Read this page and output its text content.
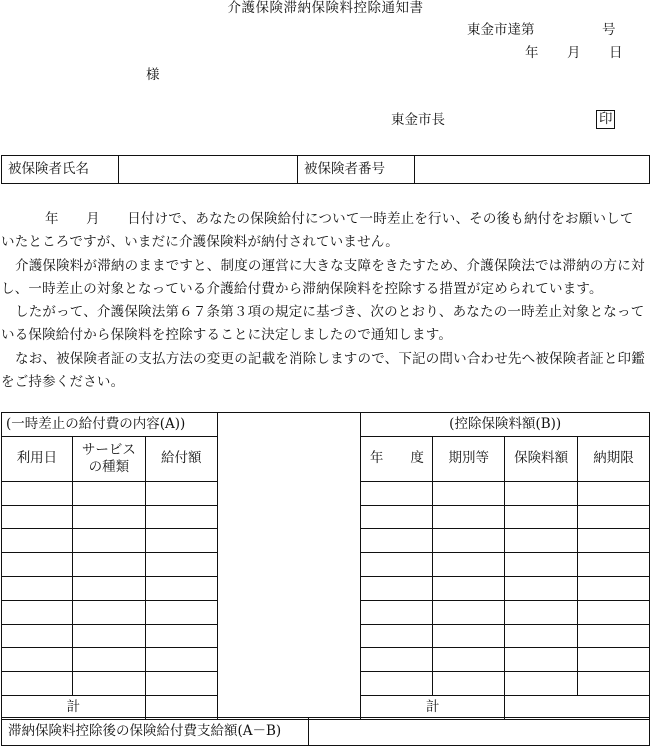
介護保険滞納保険料控除通知書
東金市達第　　　　　号
年　　月　　日
様
東金市長	印
被保険者氏名		被保険者番号	

年　　月　　日付けで、あなたの保険給付について一時差止を行い、その後も納付をお願いしていたところですが、いまだに介護保険料が納付されていません。

介護保険料が滞納のままですと、制度の運営に大きな支障をきたすため、介護保険法では滞納の方に対し、一時差止の対象となっている介護給付費から滞納保険料を控除する措置が定められています。

したがって、介護保険法第６７条第３項の規定に基づき、次のとおり、あなたの一時差止対象となっている保険給付から保険料を控除することに決定しましたので通知します。

なお、被保険者証の支払方法の変更の記載を消除しますので、下記の問い合わせ先へ被保険者証と印鑑をご持参ください。

(一時差止の給付費の内容(A))				(控除保険料額(B))			
利用日	サービスの種類	給付額		年　　度	期別等	保険料額	納期限

計				計			
滞納保険料控除後の保険給付費支給額(A－B)	
